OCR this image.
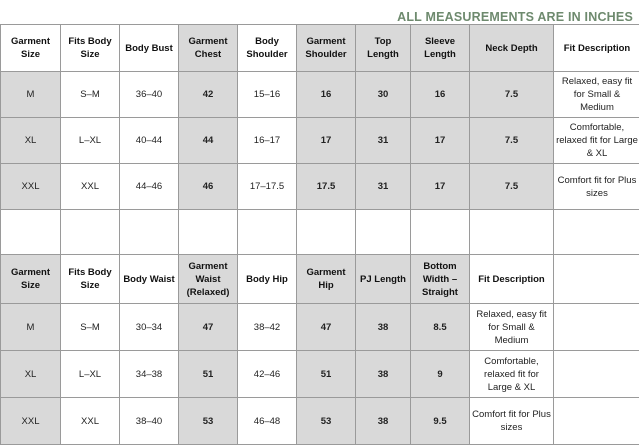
ALL MEASUREMENTS ARE IN INCHES
Garment Size	Fits Body Size	Body Bust	Garment Chest	Body Shoulder	Garment Shoulder	Top Length	Sleeve Length	Neck Depth	Fit Description
M	S–M	36–40	42	15–16	16	30	16	7.5	Relaxed, easy fit for Small & Medium
XL	L–XL	40–44	44	16–17	17	31	17	7.5	Comfortable, relaxed fit for Large & XL
XXL	XXL	44–46	46	17–17.5	17.5	31	17	7.5	Comfort fit for Plus sizes

Garment Size	Fits Body Size	Body Waist	Garment Waist (Relaxed)	Body Hip	Garment Hip	PJ Length	Bottom Width – Straight	Fit Description	
M	S–M	30–34	47	38–42	47	38	8.5	Relaxed, easy fit for Small & Medium	
XL	L–XL	34–38	51	42–46	51	38	9	Comfortable, relaxed fit for Large & XL	
XXL	XXL	38–40	53	46–48	53	38	9.5	Comfort fit for Plus sizes	
